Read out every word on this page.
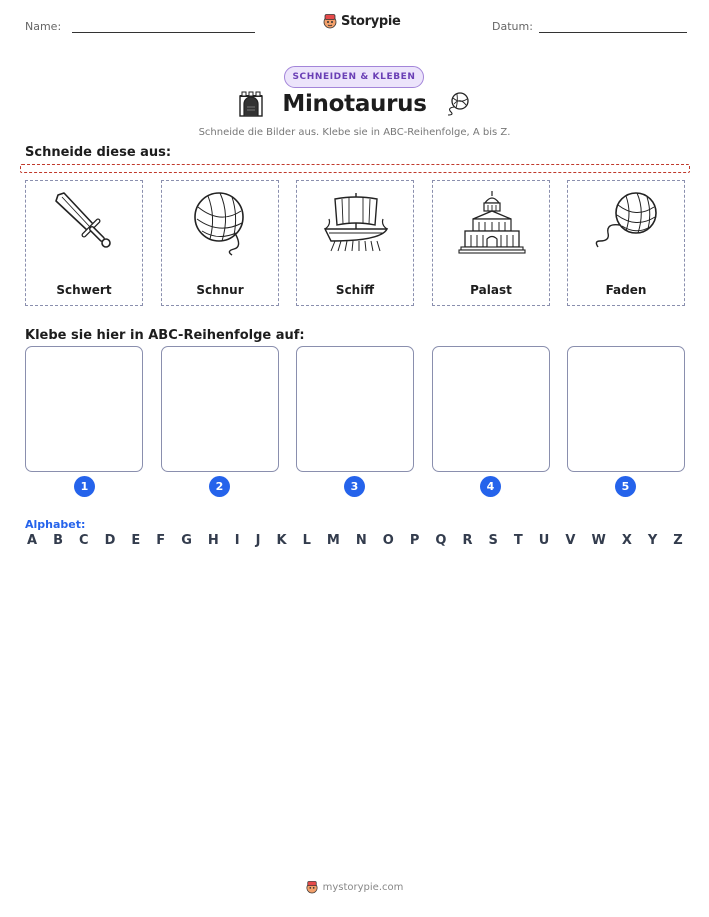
Name:	Storypie	Datum:
SCHNEIDEN & KLEBEN
Minotaurus
Schneide die Bilder aus. Klebe sie in ABC-Reihenfolge, A bis Z.
Schneide diese aus:
Schwert	Schnur	Schiff	Palast	Faden
Klebe sie hier in ABC-Reihenfolge auf:
1	2	3	4	5
Alphabet:
A B C D E F G H I J K L M N O P Q R S T U V W X Y Z
mystorypie.com
